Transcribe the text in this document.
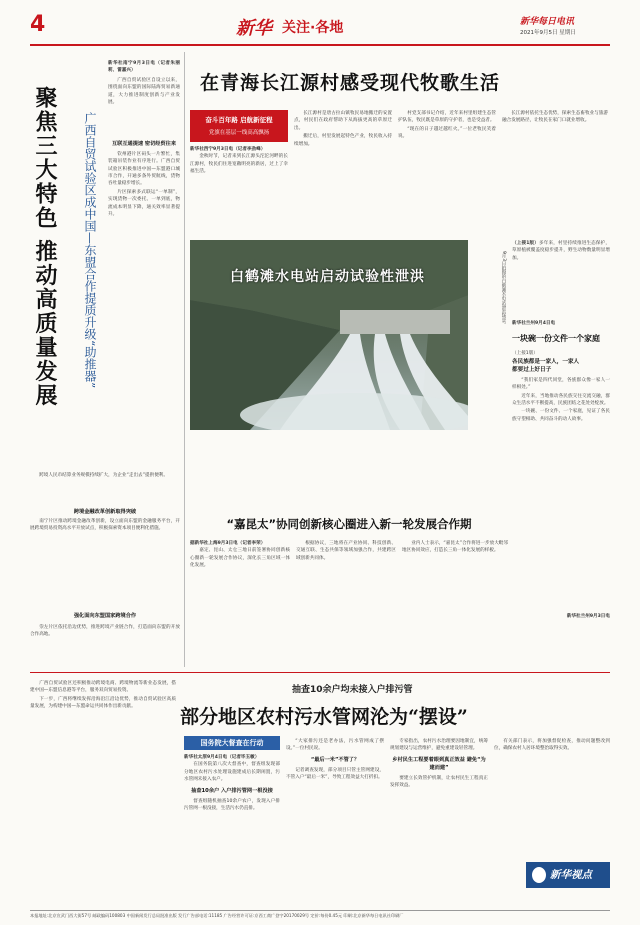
4	新华 关注·各地	新华每日电讯
2021年9月5日 星期日
聚焦三大特色 推动高质量发展 广西自贸试验区成中国—东盟合作提质升级“助推器”
新华社南宁9月3日电（记者朱丽莉、雷嘉兴）

广西自贸试验区自设立以来，围绕面向东盟的国际陆海贸易新通道，大力推进制度创新与产业发展。

互联互通提速 密切经贸往来

钦州港片区码头一片繁忙，集装箱吊装作业有序进行。广西自贸试验区积极推进中国—东盟港口城市合作，开通多条外贸航线，货物吞吐量稳步增长。

片区探索多式联运“一单制”，实现货物一次委托、一单到底，物流成本明显下降，通关效率显著提升。

跨境人民币结算业务规模持续扩大，为企业“走出去”提供便利。

跨境金融改革创新取得突破

南宁片区推动跨境金融改革创新，设立面向东盟的金融服务平台，开展跨境贸易投资高水平开放试点，积极探索资本项目便利化措施。

强化面向东盟国家跨境合作

崇左片区依托沿边优势，推进跨境产业链合作，打造面向东盟的开放合作高地。

在青海长江源村感受现代牧歌生活
奋斗百年路 启航新征程
党旗在基层一线高高飘扬
新华社西宁9月3日电（记者李劲峰）

金秋时节，记者来到长江源头沱沱河畔的长江源村，牧民们住进宽敞明亮的新居，过上了幸福生活。

长江源村是唐古拉山镇牧民易地搬迁的安置点，村民们在政府帮助下从海拔更高的草原迁出。

搬迁后，村里发展起特色产业，牧民收入持续增加。

村党支部书记介绍，近年来村里组建生态管护队伍，牧民既是草原的守护者，也是受益者。

“现在的日子越过越红火。”一位老牧民笑着说。

长江源村依托生态优势，探索生态畜牧业与旅游融合发展路径，让牧民在家门口就业增收。

白鹤滩水电站启动试验性泄洪	9月3日拍摄的白鹤滩水电站泄洪场景。

（上接1版）多年来，村里持续推进生态保护，草原植被覆盖度稳步提升，野生动物数量明显增加。
新华社兰州9月4日电
一块碗一份文件一个家庭
（上接1版）
各民族都是一家人，一家人
都要过上好日子

“我们家是四代同堂，各族群众像一家人一样相处。”

近年来，当地推动各民族交往交流交融，群众生活水平不断提高，民族团结之花处处绽放。

一块碗、一份文件、一个家庭，见证了各民族守望相助、共同奋斗的动人故事。

新华社兰州9月3日电
“嘉昆太”协同创新核心圈进入新一轮发展合作期
据新华社上海9月3日电（记者李荣）

嘉定、昆山、太仓三地日前签署协同创新核心圈新一轮发展合作协议，深化长三角区域一体化发展。

根据协议，三地将在产业协同、科技创新、交通互联、生态共保等领域加强合作，共建跨区域创新共同体。

业内人士表示，“嘉昆太”合作将进一步放大毗邻地区协同效应，打造长三角一体化发展的样板。

抽查10余户均未接入户排污管
部分地区农村污水管网沦为“摆设”
国务院大督查在行动
新华社太原9月4日电（记者毕玉敏）

在国务院第八次大督查中，督查组发现部分地区农村污水处理设施建成后长期闲置，污水管网未接入农户。

抽查10余户 入户排污管网一根没接

督查组随机抽查10余户农户，发现入户排污管网一根没接，生活污水仍直排。

“大家排污还是老办法，污水管网成了摆设。”一位村民说。

“最后一米”不管了？

记者调查发现，部分项目只管主管网建设，不管入户“最后一米”，导致工程效益大打折扣。

专家指出，农村污水治理要因地制宜，统筹规划建设与运营维护，避免重建设轻管理。

乡村民生工程要着眼到真正效益 避免“为建而建”

要建立长效管护机制，让农村民生工程真正发挥效益。

有关部门表示，将加强督促检查，推动问题整改到位，确保农村人居环境整治取得实效。

新华视点

广西自贸试验区还积极推动跨境电商、跨境物流等新业态发展，搭建中国—东盟信息港等平台，服务双向贸易投资。

下一步，广西将继续发挥沿海沿江沿边优势，推动自贸试验区高质量发展，为构建中国—东盟命运共同体作出新贡献。

本报地址:北京宣武门西大街57号 邮政编码100803 中国新闻发行总局批准出版 发行广告部电话:11185 广告经营许可证:京西工商广登字20170029号 定价:每份0.45元 印刷:北京新华每日电讯社印刷厂
